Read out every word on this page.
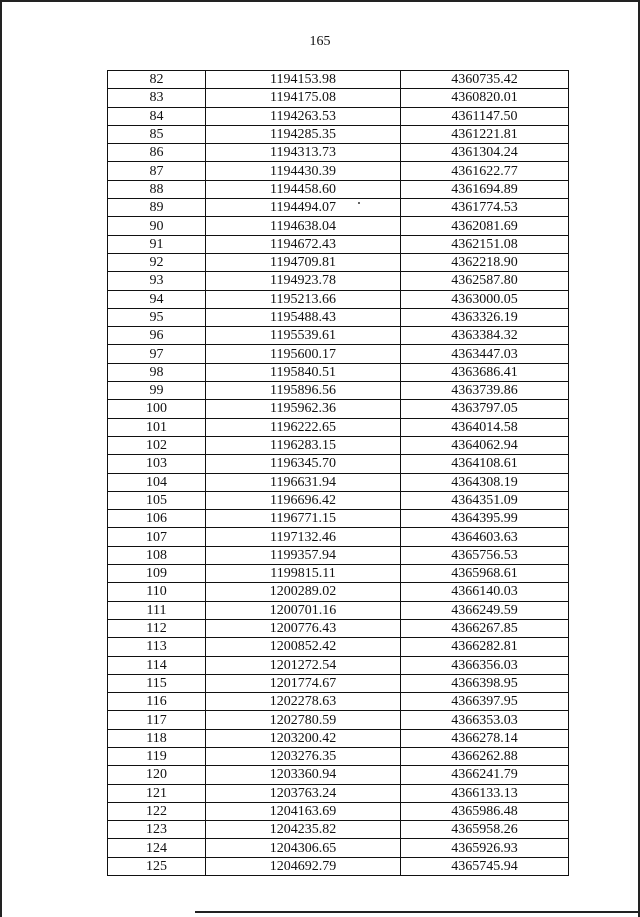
165
82	1194153.98	4360735.42
83	1194175.08	4360820.01
84	1194263.53	4361147.50
85	1194285.35	4361221.81
86	1194313.73	4361304.24
87	1194430.39	4361622.77
88	1194458.60	4361694.89
89	1194494.07	4361774.53
90	1194638.04	4362081.69
91	1194672.43	4362151.08
92	1194709.81	4362218.90
93	1194923.78	4362587.80
94	1195213.66	4363000.05
95	1195488.43	4363326.19
96	1195539.61	4363384.32
97	1195600.17	4363447.03
98	1195840.51	4363686.41
99	1195896.56	4363739.86
100	1195962.36	4363797.05
101	1196222.65	4364014.58
102	1196283.15	4364062.94
103	1196345.70	4364108.61
104	1196631.94	4364308.19
105	1196696.42	4364351.09
106	1196771.15	4364395.99
107	1197132.46	4364603.63
108	1199357.94	4365756.53
109	1199815.11	4365968.61
110	1200289.02	4366140.03
111	1200701.16	4366249.59
112	1200776.43	4366267.85
113	1200852.42	4366282.81
114	1201272.54	4366356.03
115	1201774.67	4366398.95
116	1202278.63	4366397.95
117	1202780.59	4366353.03
118	1203200.42	4366278.14
119	1203276.35	4366262.88
120	1203360.94	4366241.79
121	1203763.24	4366133.13
122	1204163.69	4365986.48
123	1204235.82	4365958.26
124	1204306.65	4365926.93
125	1204692.79	4365745.94
